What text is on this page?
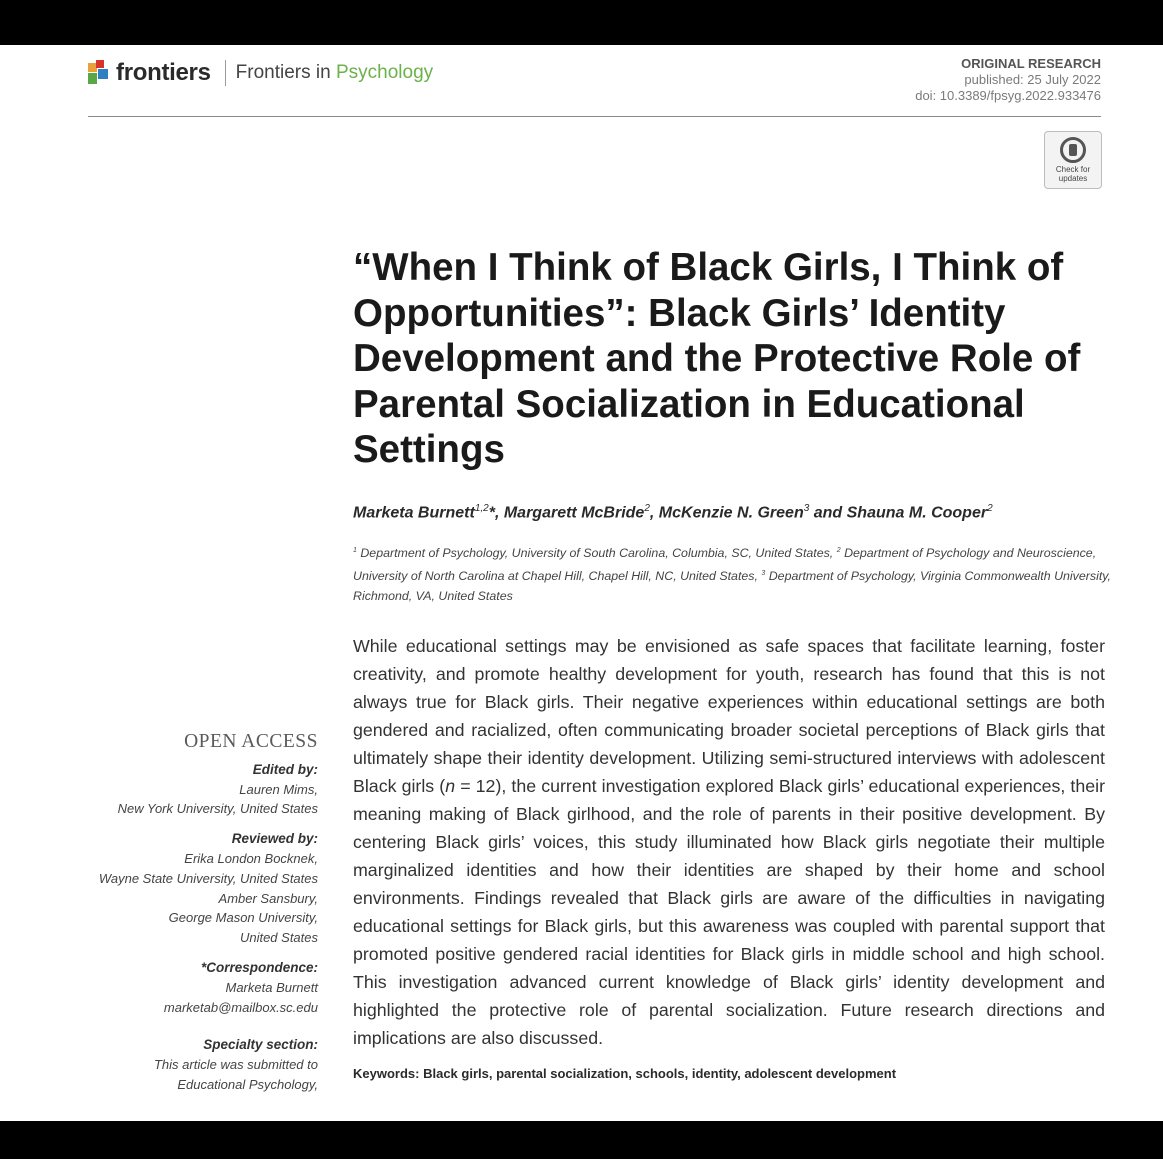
frontiers Frontiers in Psychology	ORIGINAL RESEARCH
published: 25 July 2022
doi: 10.3389/fpsyg.2022.933476
Check for
updates
“When I Think of Black Girls, I Think of Opportunities”: Black Girls’ Identity Development and the Protective Role of Parental Socialization in Educational Settings
Marketa Burnett$^{1,2}$*, Margarett McBride$^2$, McKenzie N. Green$^3$ and Shauna M. Cooper$^2$
$^1$ Department of Psychology, University of South Carolina, Columbia, SC, United States, $^2$ Department of Psychology and Neuroscience, University of North Carolina at Chapel Hill, Chapel Hill, NC, United States, $^3$ Department of Psychology, Virginia Commonwealth University, Richmond, VA, United States
While educational settings may be envisioned as safe spaces that facilitate learning, foster creativity, and promote healthy development for youth, research has found that this is not always true for Black girls. Their negative experiences within educational settings are both gendered and racialized, often communicating broader societal perceptions of Black girls that ultimately shape their identity development. Utilizing semi-structured interviews with adolescent Black girls (n = 12), the current investigation explored Black girls’ educational experiences, their meaning making of Black girlhood, and the role of parents in their positive development. By centering Black girls’ voices, this study illuminated how Black girls negotiate their multiple marginalized identities and how their identities are shaped by their home and school environments. Findings revealed that Black girls are aware of the difficulties in navigating educational settings for Black girls, but this awareness was coupled with parental support that promoted positive gendered racial identities for Black girls in middle school and high school. This investigation advanced current knowledge of Black girls’ identity development and highlighted the protective role of parental socialization. Future research directions and implications are also discussed.
Keywords: Black girls, parental socialization, schools, identity, adolescent development
OPEN ACCESS
Edited by:
Lauren Mims,
New York University, United States
Reviewed by:
Erika London Bocknek,
Wayne State University, United States
Amber Sansbury,
George Mason University,
United States
*Correspondence:
Marketa Burnett
marketab@mailbox.sc.edu
Specialty section:
This article was submitted to
Educational Psychology,
